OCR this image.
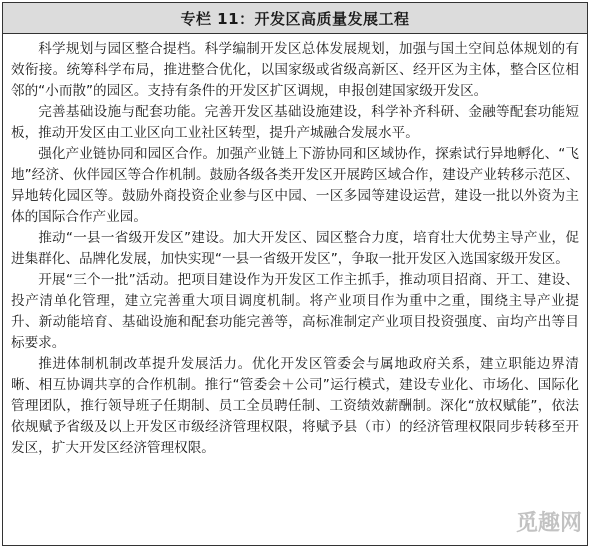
专栏 11：开发区高质量发展工程

科学规划与园区整合提档。科学编制开发区总体发展规划，加强与国土空间总体规划的有效衔接。统筹科学布局，推进整合优化，以国家级或省级高新区、经开区为主体，整合区位相邻的“小而散”的园区。支持有条件的开发区扩区调规，申报创建国家级开发区。

完善基础设施与配套功能。完善开发区基础设施建设，科学补齐科研、金融等配套功能短板，推动开发区由工业区向工业社区转型，提升产城融合发展水平。

强化产业链协同和园区合作。加强产业链上下游协同和区域协作，探索试行异地孵化、“飞地”经济、伙伴园区等合作机制。鼓励各级各类开发区开展跨区域合作，建设产业转移示范区、异地转化园区等。鼓励外商投资企业参与区中园、一区多园等建设运营，建设一批以外资为主体的国际合作产业园。

推动“一县一省级开发区”建设。加大开发区、园区整合力度，培育壮大优势主导产业，促进集群化、品牌化发展，加快实现“一县一省级开发区”，争取一批开发区入选国家级开发区。

开展“三个一批”活动。把项目建设作为开发区工作主抓手，推动项目招商、开工、建设、投产清单化管理，建立完善重大项目调度机制。将产业项目作为重中之重，围绕主导产业提升、新动能培育、基础设施和配套功能完善等，高标准制定产业项目投资强度、亩均产出等目标要求。

推进体制机制改革提升发展活力。优化开发区管委会与属地政府关系，建立职能边界清晰、相互协调共享的合作机制。推行“管委会＋公司”运行模式，建设专业化、市场化、国际化管理团队，推行领导班子任期制、员工全员聘任制、工资绩效薪酬制。深化“放权赋能”，依法依规赋予省级及以上开发区市级经济管理权限，将赋予县（市）的经济管理权限同步转移至开发区，扩大开发区经济管理权限。

觅趣网
